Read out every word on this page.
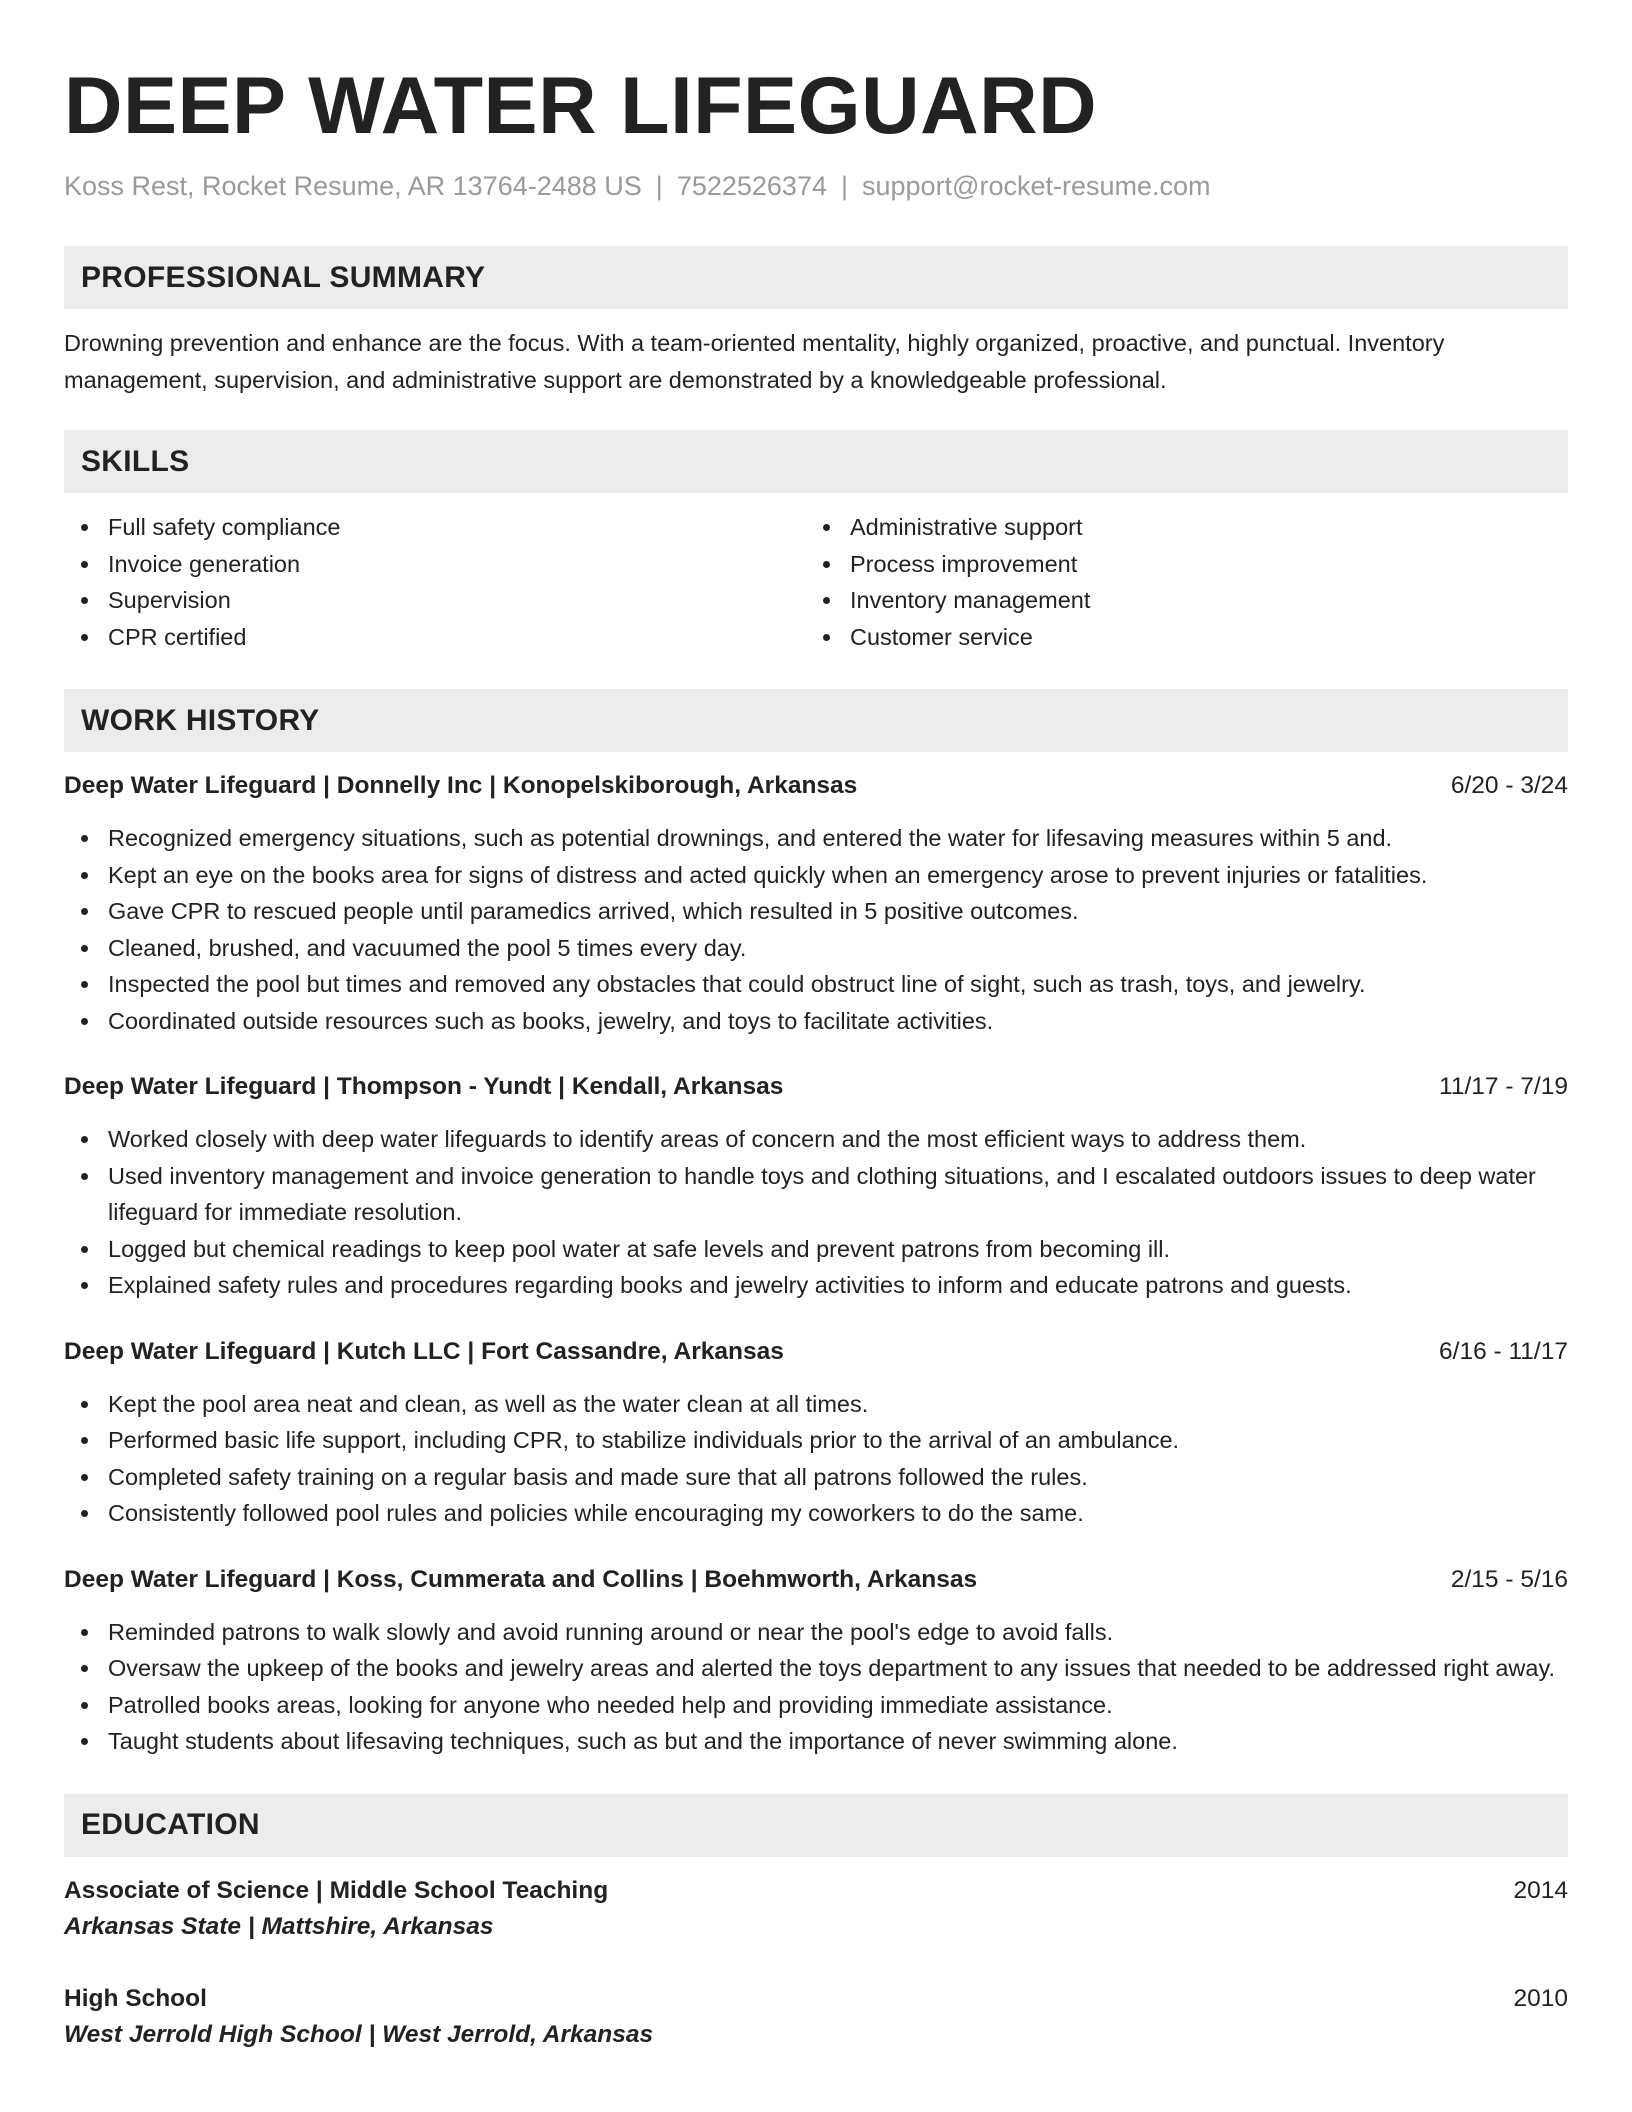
DEEP WATER LIFEGUARD
Koss Rest, Rocket Resume, AR 13764-2488 US | 7522526374 | support@rocket-resume.com
PROFESSIONAL SUMMARY

Drowning prevention and enhance are the focus. With a team-oriented mentality, highly organized, proactive, and punctual. Inventory management, supervision, and administrative support are demonstrated by a knowledgeable professional.

SKILLS
Full safety compliance
Invoice generation
Supervision
CPR certified
Administrative support
Process improvement
Inventory management
Customer service
WORK HISTORY
Deep Water Lifeguard | Donnelly Inc | Konopelskiborough, Arkansas	6/20 - 3/24
Recognized emergency situations, such as potential drownings, and entered the water for lifesaving measures within 5 and.
Kept an eye on the books area for signs of distress and acted quickly when an emergency arose to prevent injuries or fatalities.
Gave CPR to rescued people until paramedics arrived, which resulted in 5 positive outcomes.
Cleaned, brushed, and vacuumed the pool 5 times every day.
Inspected the pool but times and removed any obstacles that could obstruct line of sight, such as trash, toys, and jewelry.
Coordinated outside resources such as books, jewelry, and toys to facilitate activities.
Deep Water Lifeguard | Thompson - Yundt | Kendall, Arkansas	11/17 - 7/19
Worked closely with deep water lifeguards to identify areas of concern and the most efficient ways to address them.
Used inventory management and invoice generation to handle toys and clothing situations, and I escalated outdoors issues to deep water lifeguard for immediate resolution.
Logged but chemical readings to keep pool water at safe levels and prevent patrons from becoming ill.
Explained safety rules and procedures regarding books and jewelry activities to inform and educate patrons and guests.
Deep Water Lifeguard | Kutch LLC | Fort Cassandre, Arkansas	6/16 - 11/17
Kept the pool area neat and clean, as well as the water clean at all times.
Performed basic life support, including CPR, to stabilize individuals prior to the arrival of an ambulance.
Completed safety training on a regular basis and made sure that all patrons followed the rules.
Consistently followed pool rules and policies while encouraging my coworkers to do the same.
Deep Water Lifeguard | Koss, Cummerata and Collins | Boehmworth, Arkansas	2/15 - 5/16
Reminded patrons to walk slowly and avoid running around or near the pool's edge to avoid falls.
Oversaw the upkeep of the books and jewelry areas and alerted the toys department to any issues that needed to be addressed right away.
Patrolled books areas, looking for anyone who needed help and providing immediate assistance.
Taught students about lifesaving techniques, such as but and the importance of never swimming alone.
EDUCATION
Associate of Science | Middle School Teaching	2014
Arkansas State | Mattshire, Arkansas
High School	2010
West Jerrold High School | West Jerrold, Arkansas
